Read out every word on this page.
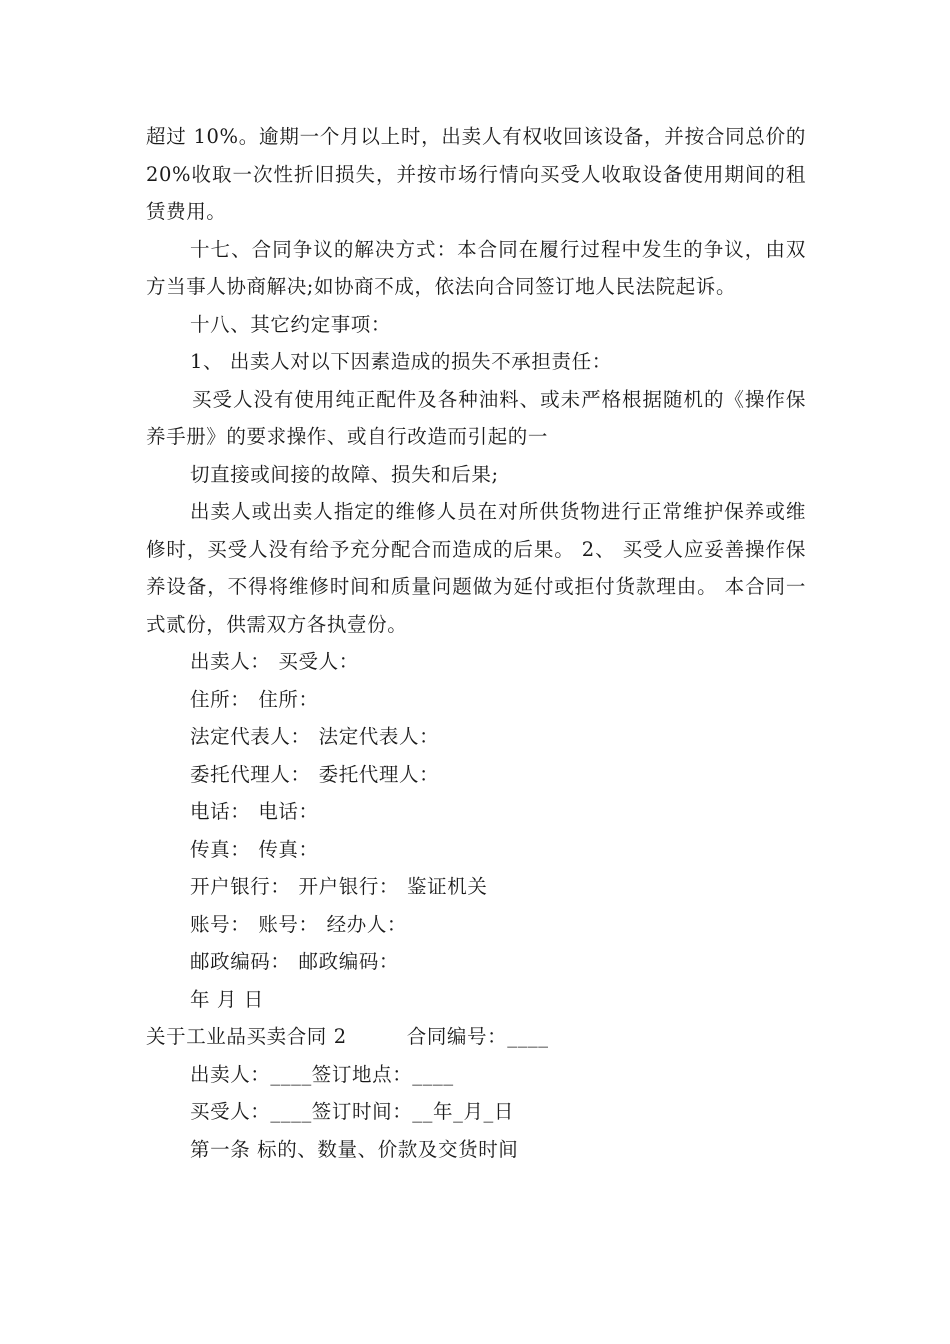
超过 10%。逾期一个月以上时，出卖人有权收回该设备，并按合同总价的 20%收取一次性折旧损失，并按市场行情向买受人收取设备使用期间的租赁费用。

十七、合同争议的解决方式：本合同在履行过程中发生的争议，由双方当事人协商解决;如协商不成，依法向合同签订地人民法院起诉。

十八、其它约定事项：

1、 出卖人对以下因素造成的损失不承担责任：

买受人没有使用纯正配件及各种油料、或未严格根据随机的《操作保养手册》的要求操作、或自行改造而引起的一

切直接或间接的故障、损失和后果;

出卖人或出卖人指定的维修人员在对所供货物进行正常维护保养或维修时，买受人没有给予充分配合而造成的后果。 2、 买受人应妥善操作保养设备，不得将维修时间和质量问题做为延付或拒付货款理由。 本合同一式贰份，供需双方各执壹份。

出卖人： 买受人：
住所： 住所：
法定代表人： 法定代表人：
委托代理人： 委托代理人：
电话： 电话：
传真： 传真：
开户银行： 开户银行： 鉴证机关
账号： 账号： 经办人：
邮政编码： 邮政编码：
年 月 日
关于工业品买卖合同 2	合同编号：____
出卖人：____签订地点：____
买受人：____签订时间：__年_月_日
第一条 标的、数量、价款及交货时间
